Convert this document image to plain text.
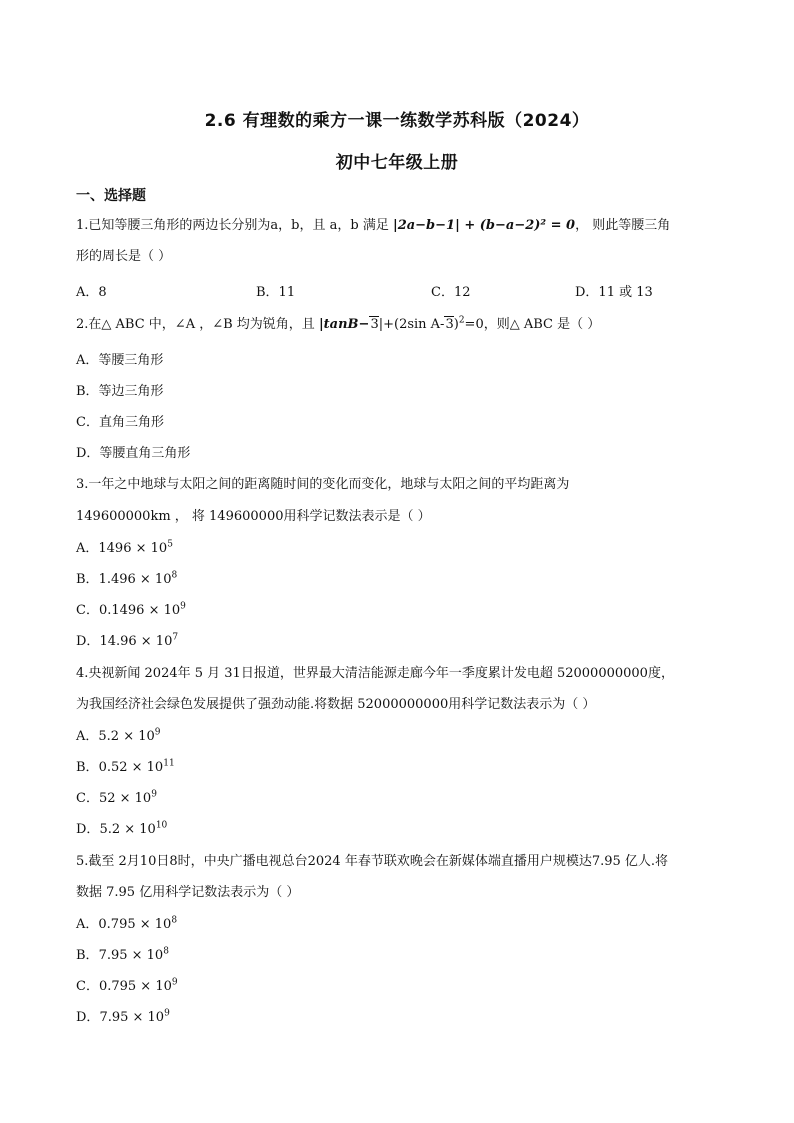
2.6 有理数的乘方一课一练数学苏科版（2024）
初中七年级上册
一、选择题
1.已知等腰三角形的两边长分别为a，b，且 a，b 满足 |2a−b−1| + (b−a−2)² = 0， 则此等腰三角
形的周长是（ ）
A．8	B．11	C．12	D．11 或 13
2.在△ ABC 中，∠A ，∠B 均为锐角，且 |tanB−3|+(2sin A-3)$^2$=0，则△ ABC 是（ ）
A．等腰三角形
B．等边三角形
C．直角三角形
D．等腰直角三角形
3.一年之中地球与太阳之间的距离随时间的变化而变化，地球与太阳之间的平均距离为
149600000km ， 将 149600000用科学记数法表示是（ ）
A．$1496 \times 10^5$
B．$1.496 \times 10^8$
C．$0.1496 \times 10^9$
D．$14.96 \times 10^7$
4.央视新闻 2024年 5 月 31日报道，世界最大清洁能源走廊今年一季度累计发电超 52000000000度，
为我国经济社会绿色发展提供了强劲动能.将数据 52000000000用科学记数法表示为（ ）
A．$5.2 \times 10^9$
B．$0.52 \times 10^{11}$
C．$52 \times 10^9$
D．$5.2 \times 10^{10}$
5.截至 2月10日8时，中央广播电视总台2024 年春节联欢晚会在新媒体端直播用户规模达7.95 亿人.将
数据 7.95 亿用科学记数法表示为（ ）
A．$0.795 \times 10^8$
B．$7.95 \times 10^8$
C．$0.795 \times 10^9$
D．$7.95 \times 10^9$
